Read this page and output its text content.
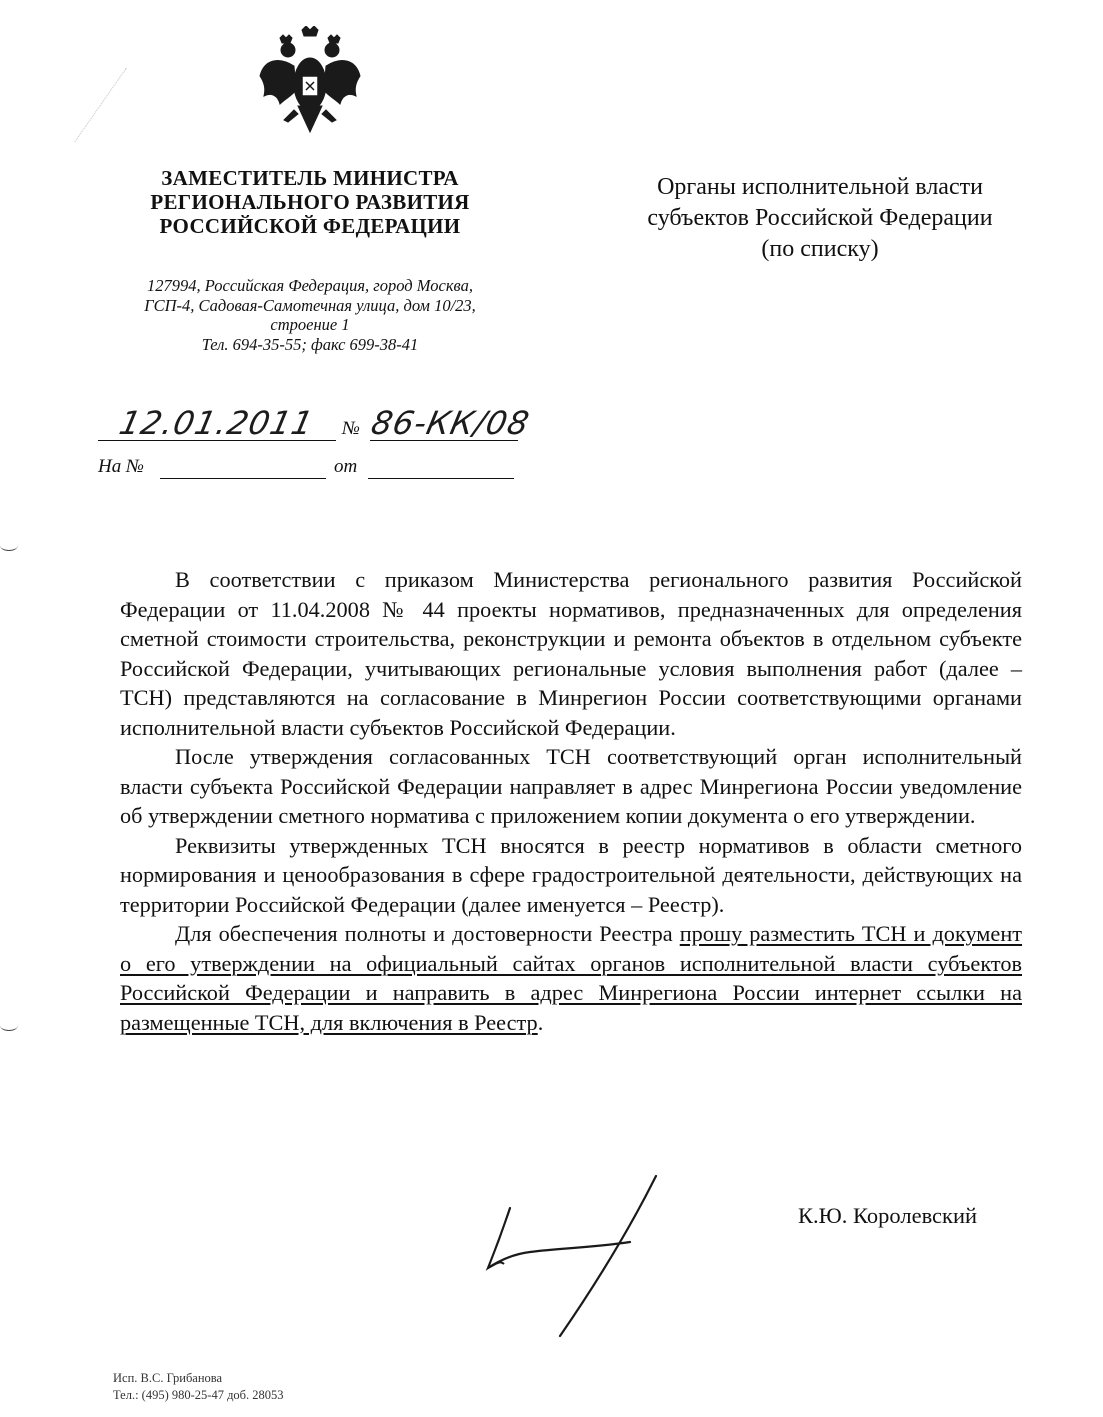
ЗАМЕСТИТЕЛЬ МИНИСТРА
РЕГИОНАЛЬНОГО РАЗВИТИЯ
РОССИЙСКОЙ ФЕДЕРАЦИИ
127994, Российская Федерация, город Москва,
ГСП-4, Садовая-Самотечная улица, дом 10/23,
строение 1
Тел. 694-35-55; факс 699-38-41
Органы исполнительной власти
субъектов Российской Федерации
(по списку)
12.01.2011 № 86-КК/08
На №	от

В соответствии с приказом Министерства регионального развития Российской Федерации от 11.04.2008 № 44 проекты нормативов, предназначенных для определения сметной стоимости строительства, реконструкции и ремонта объектов в отдельном субъекте Российской Федерации, учитывающих региональные условия выполнения работ (далее – ТСН) представляются на согласование в Минрегион России соответствующими органами исполнительной власти субъектов Российской Федерации.

После утверждения согласованных ТСН соответствующий орган исполнительный власти субъекта Российской Федерации направляет в адрес Минрегиона России уведомление об утверждении сметного норматива с приложением копии документа о его утверждении.

Реквизиты утвержденных ТСН вносятся в реестр нормативов в области сметного нормирования и ценообразования в сфере градостроительной деятельности, действующих на территории Российской Федерации (далее именуется – Реестр).

Для обеспечения полноты и достоверности Реестра прошу разместить ТСН и документ о его утверждении на официальный сайтах органов исполнительной власти субъектов Российской Федерации и направить в адрес Минрегиона России интернет ссылки на размещенные ТСН, для включения в Реестр.

К.Ю. Королевский
Исп. В.С. Грибанова
Тел.: (495) 980-25-47 доб. 28053
